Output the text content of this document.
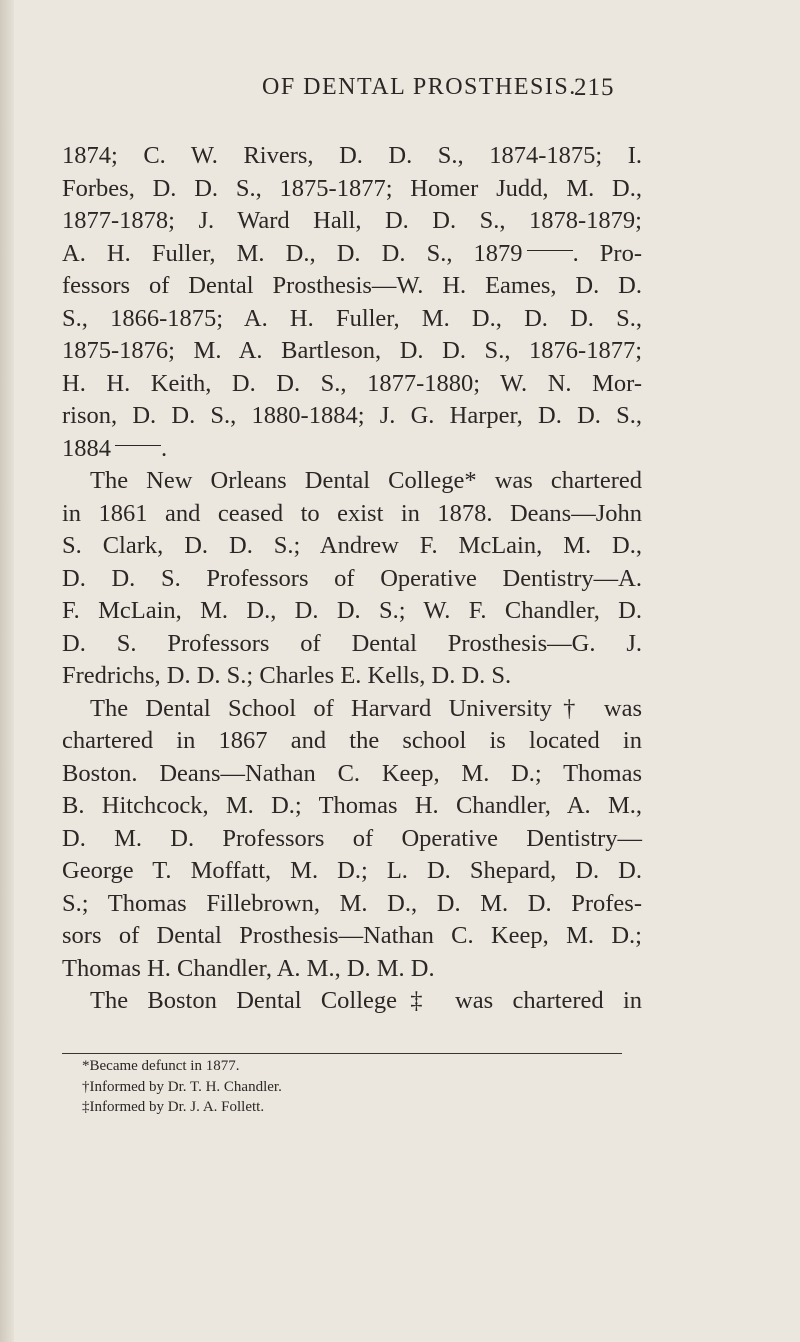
OF DENTAL PROSTHESIS.
215
1874; C. W. Rivers, D. D. S., 1874-1875; I.
Forbes, D. D. S., 1875-1877; Homer Judd, M. D.,
1877-1878; J. Ward Hall, D. D. S., 1878-1879;
A. H. Fuller, M. D., D. D. S., 1879 . Pro-
fessors of Dental Prosthesis—W. H. Eames, D. D.
S., 1866-1875; A. H. Fuller, M. D., D. D. S.,
1875-1876; M. A. Bartleson, D. D. S., 1876-1877;
H. H. Keith, D. D. S., 1877-1880; W. N. Mor-
rison, D. D. S., 1880-1884; J. G. Harper, D. D. S.,
1884 .
The New Orleans Dental College* was chartered
in 1861 and ceased to exist in 1878. Deans—John
S. Clark, D. D. S.; Andrew F. McLain, M. D.,
D. D. S. Professors of Operative Dentistry—A.
F. McLain, M. D., D. D. S.; W. F. Chandler, D.
D. S. Professors of Dental Prosthesis—G. J.
Fredrichs, D. D. S.; Charles E. Kells, D. D. S.
The Dental School of Harvard University† was
chartered in 1867 and the school is located in
Boston. Deans—Nathan C. Keep, M. D.; Thomas
B. Hitchcock, M. D.; Thomas H. Chandler, A. M.,
D. M. D. Professors of Operative Dentistry—
George T. Moffatt, M. D.; L. D. Shepard, D. D.
S.; Thomas Fillebrown, M. D., D. M. D. Profes-
sors of Dental Prosthesis—Nathan C. Keep, M. D.;
Thomas H. Chandler, A. M., D. M. D.
The Boston Dental College‡ was chartered in
*Became defunct in 1877.
†Informed by Dr. T. H. Chandler.
‡Informed by Dr. J. A. Follett.
